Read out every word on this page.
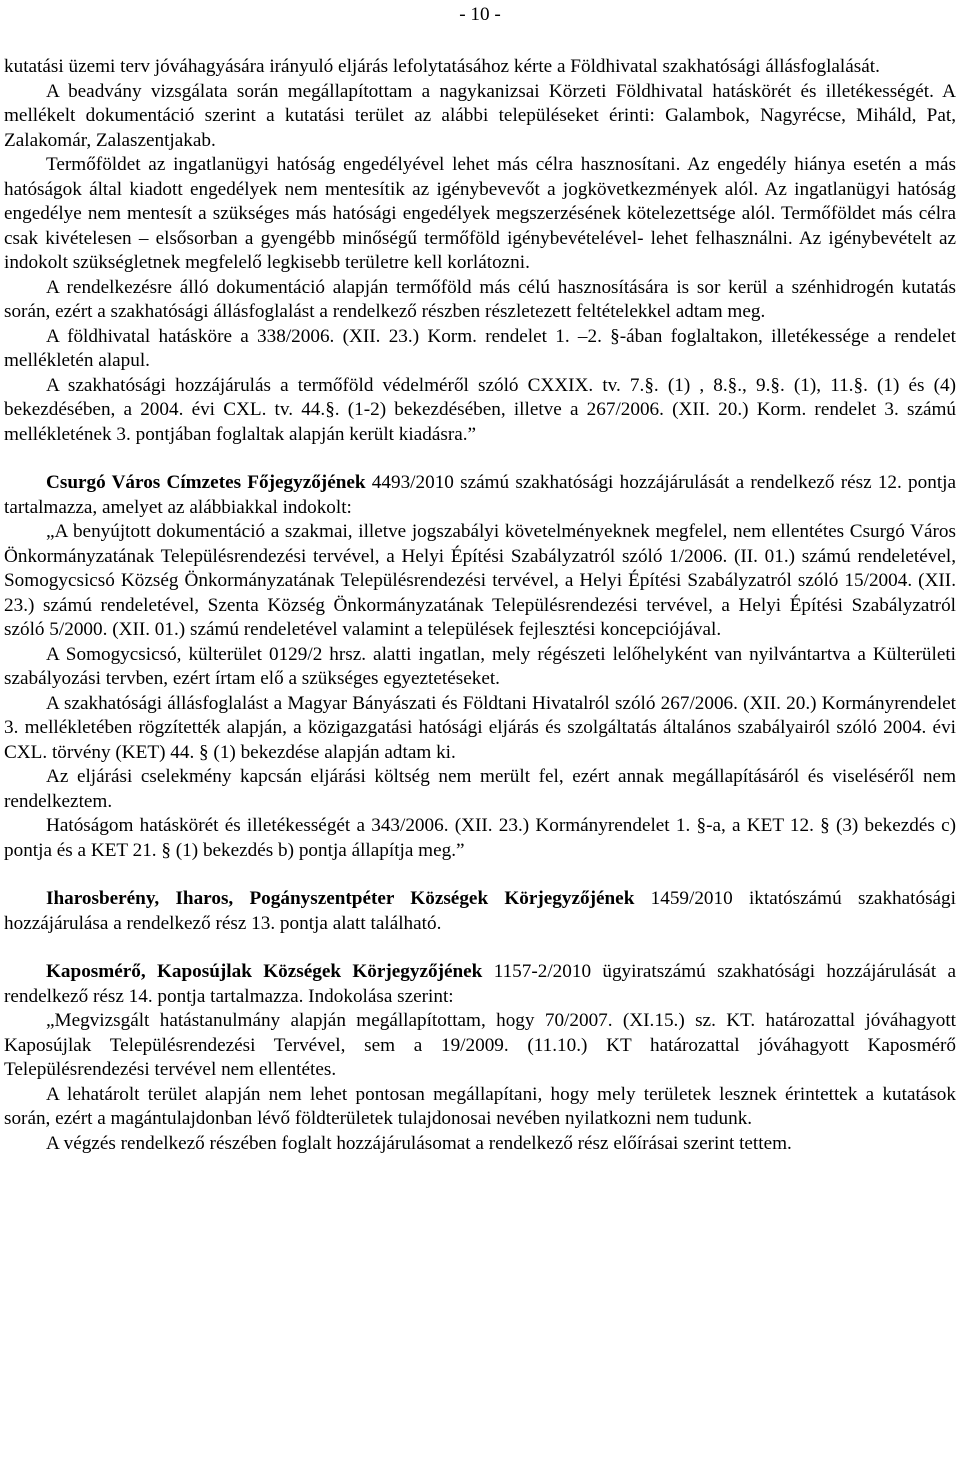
- 10 -

kutatási üzemi terv jóváhagyására irányuló eljárás lefolytatásához kérte a Földhivatal szakhatósági állásfoglalását.

A beadvány vizsgálata során megállapítottam a nagykanizsai Körzeti Földhivatal hatáskörét és illetékességét. A mellékelt dokumentáció szerint a kutatási terület az alábbi településeket érinti: Galambok, Nagyrécse, Miháld, Pat, Zalakomár, Zalaszentjakab.

Termőföldet az ingatlanügyi hatóság engedélyével lehet más célra hasznosítani. Az engedély hiánya esetén a más hatóságok által kiadott engedélyek nem mentesítik az igénybevevőt a jogkövetkezmények alól. Az ingatlanügyi hatóság engedélye nem mentesít a szükséges más hatósági engedélyek megszerzésének kötelezettsége alól. Termőföldet más célra csak kivételesen – elsősorban a gyengébb minőségű termőföld igénybevételével- lehet felhasználni. Az igénybevételt az indokolt szükségletnek megfelelő legkisebb területre kell korlátozni.

A rendelkezésre álló dokumentáció alapján termőföld más célú hasznosítására is sor kerül a szénhidrogén kutatás során, ezért a szakhatósági állásfoglalást a rendelkező részben részletezett feltételekkel adtam meg.

A földhivatal hatásköre a 338/2006. (XII. 23.) Korm. rendelet 1. –2. §-ában foglaltakon, illetékessége a rendelet mellékletén alapul.

A szakhatósági hozzájárulás a termőföld védelméről szóló CXXIX. tv. 7.§. (1) , 8.§., 9.§. (1), 11.§. (1) és (4) bekezdésében, a 2004. évi CXL. tv. 44.§. (1-2) bekezdésében, illetve a 267/2006. (XII. 20.) Korm. rendelet 3. számú mellékletének 3. pontjában foglaltak alapján került kiadásra.”

Csurgó Város Címzetes Főjegyzőjének 4493/2010 számú szakhatósági hozzájárulását a rendelkező rész 12. pontja tartalmazza, amelyet az alábbiakkal indokolt:

„A benyújtott dokumentáció a szakmai, illetve jogszabályi követelményeknek megfelel, nem ellentétes Csurgó Város Önkormányzatának Településrendezési tervével, a Helyi Építési Szabályzatról szóló 1/2006. (II. 01.) számú rendeletével, Somogycsicsó Község Önkormányzatának Településrendezési tervével, a Helyi Építési Szabályzatról szóló 15/2004. (XII. 23.) számú rendeletével, Szenta Község Önkormányzatának Településrendezési tervével, a Helyi Építési Szabályzatról szóló 5/2000. (XII. 01.) számú rendeletével valamint a települések fejlesztési koncepciójával.

A Somogycsicsó, külterület 0129/2 hrsz. alatti ingatlan, mely régészeti lelőhelyként van nyilvántartva a Külterületi szabályozási tervben, ezért írtam elő a szükséges egyeztetéseket.

A szakhatósági állásfoglalást a Magyar Bányászati és Földtani Hivatalról szóló 267/2006. (XII. 20.) Kormányrendelet 3. mellékletében rögzítették alapján, a közigazgatási hatósági eljárás és szolgáltatás általános szabályairól szóló 2004. évi CXL. törvény (KET) 44. § (1) bekezdése alapján adtam ki.

Az eljárási cselekmény kapcsán eljárási költség nem merült fel, ezért annak megállapításáról és viseléséről nem rendelkeztem.

Hatóságom hatáskörét és illetékességét a 343/2006. (XII. 23.) Kormányrendelet 1. §-a, a KET 12. § (3) bekezdés c) pontja és a KET 21. § (1) bekezdés b) pontja állapítja meg.”

Iharosberény, Iharos, Pogányszentpéter Községek Körjegyzőjének 1459/2010 iktatószámú szakhatósági hozzájárulása a rendelkező rész 13. pontja alatt található.

Kaposmérő, Kaposújlak Községek Körjegyzőjének 1157-2/2010 ügyiratszámú szakhatósági hozzájárulását a rendelkező rész 14. pontja tartalmazza. Indokolása szerint:

„Megvizsgált hatástanulmány alapján megállapítottam, hogy 70/2007. (XI.15.) sz. KT. határozattal jóváhagyott Kaposújlak Településrendezési Tervével, sem a 19/2009. (11.10.) KT határozattal jóváhagyott Kaposmérő Településrendezési tervével nem ellentétes.

A lehatárolt terület alapján nem lehet pontosan megállapítani, hogy mely területek lesznek érintettek a kutatások során, ezért a magántulajdonban lévő földterületek tulajdonosai nevében nyilatkozni nem tudunk.

A végzés rendelkező részében foglalt hozzájárulásomat a rendelkező rész előírásai szerint tettem.
